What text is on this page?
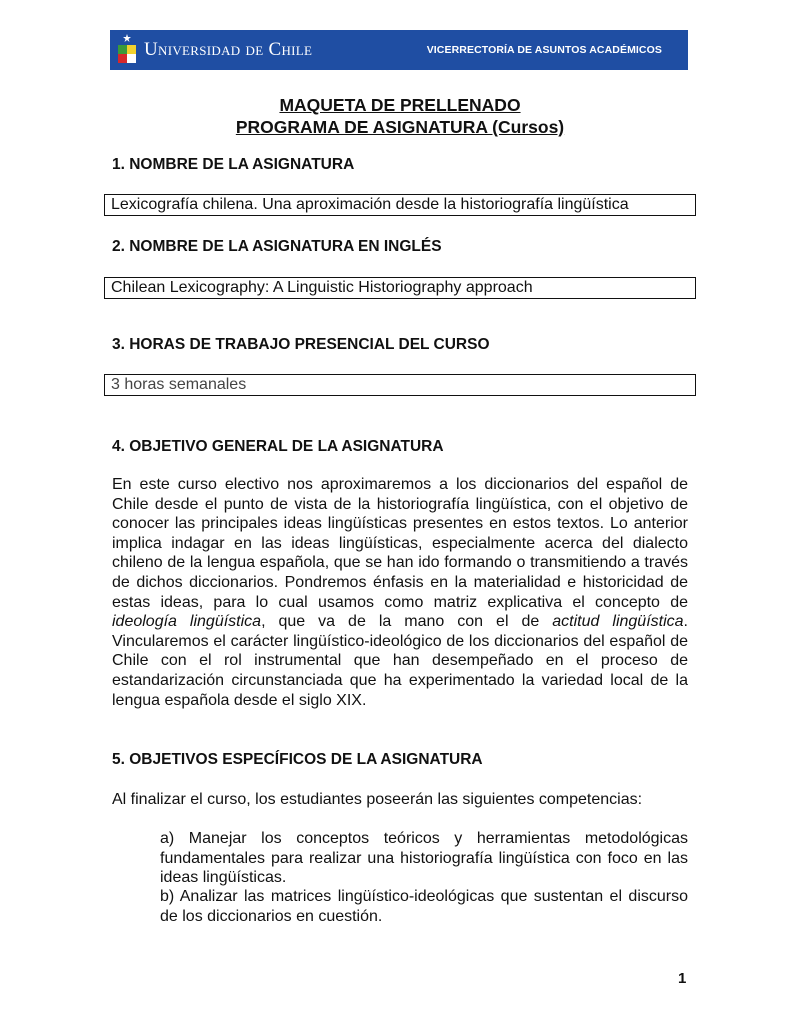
Universidad de Chile	VICERRECTORÍA DE ASUNTOS ACADÉMICOS
MAQUETA DE PRELLENADO
PROGRAMA DE ASIGNATURA (Cursos)
1. NOMBRE DE LA ASIGNATURA
Lexicografía chilena. Una aproximación desde la historiografía lingüística
2. NOMBRE DE LA ASIGNATURA EN INGLÉS
Chilean Lexicography: A Linguistic Historiography approach
3. HORAS DE TRABAJO PRESENCIAL DEL CURSO
3 horas semanales
4. OBJETIVO GENERAL DE LA ASIGNATURA
En este curso electivo nos aproximaremos a los diccionarios del español de Chile desde el punto de vista de la historiografía lingüística, con el objetivo de conocer las principales ideas lingüísticas presentes en estos textos. Lo anterior implica indagar en las ideas lingüísticas, especialmente acerca del dialecto chileno de la lengua española, que se han ido formando o transmitiendo a través de dichos diccionarios. Pondremos énfasis en la materialidad e historicidad de estas ideas, para lo cual usamos como matriz explicativa el concepto de ideología lingüística, que va de la mano con el de actitud lingüística. Vincularemos el carácter lingüístico-ideológico de los diccionarios del español de Chile con el rol instrumental que han desempeñado en el proceso de estandarización circunstanciada que ha experimentado la variedad local de la lengua española desde el siglo XIX.
5. OBJETIVOS ESPECÍFICOS DE LA ASIGNATURA
Al finalizar el curso, los estudiantes poseerán las siguientes competencias:
a) Manejar los conceptos teóricos y herramientas metodológicas fundamentales para realizar una historiografía lingüística con foco en las ideas lingüísticas.
b) Analizar las matrices lingüístico-ideológicas que sustentan el discurso de los diccionarios en cuestión.
1
